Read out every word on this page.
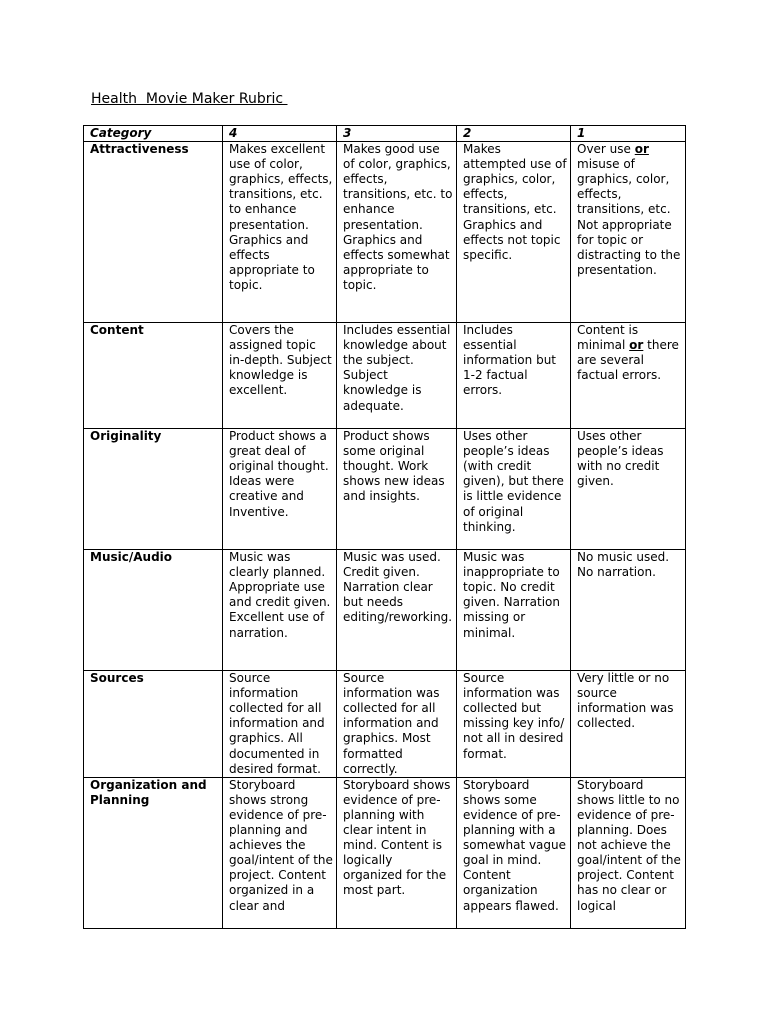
Health  Movie Maker Rubric
Category	4	3	2	1
Attractiveness	Makes excellent use of color, graphics, effects, transitions, etc. to enhance presentation. Graphics and effects appropriate to topic.	Makes good use of color, graphics, effects, transitions, etc. to enhance presentation. Graphics and effects somewhat appropriate to topic.	Makes attempted use of graphics, color, effects, transitions, etc. Graphics and effects not topic specific.	Over use or misuse of graphics, color, effects, transitions, etc. Not appropriate for topic or distracting to the presentation.
Content	Covers the assigned topic in-depth. Subject knowledge is excellent.	Includes essential knowledge about the subject. Subject knowledge is adequate.	Includes essential information but 1-2 factual errors.	Content is minimal or there are several factual errors.
Originality	Product shows a great deal of original thought. Ideas were creative and Inventive.	Product shows some original thought. Work shows new ideas and insights.	Uses other people’s ideas (with credit given), but there is little evidence of original thinking.	Uses other people’s ideas with no credit given.
Music/Audio	Music was clearly planned. Appropriate use and credit given. Excellent use of narration.	Music was used. Credit given. Narration clear but needs editing/reworking.	Music was inappropriate to topic. No credit given. Narration missing or minimal.	No music used. No narration.
Sources	Source information collected for all information and graphics. All documented in desired format.	Source information was collected for all information and graphics. Most formatted correctly.	Source information was collected but missing key info/ not all in desired format.	Very little or no source information was collected.
Organization and Planning	Storyboard shows strong evidence of pre-planning and achieves the goal/intent of the project. Content organized in a clear and	Storyboard shows evidence of pre-planning with clear intent in mind. Content is logically organized for the most part.	Storyboard shows some evidence of pre-planning with a somewhat vague goal in mind. Content organization appears flawed.	Storyboard shows little to no evidence of pre-planning. Does not achieve the goal/intent of the project. Content has no clear or logical
